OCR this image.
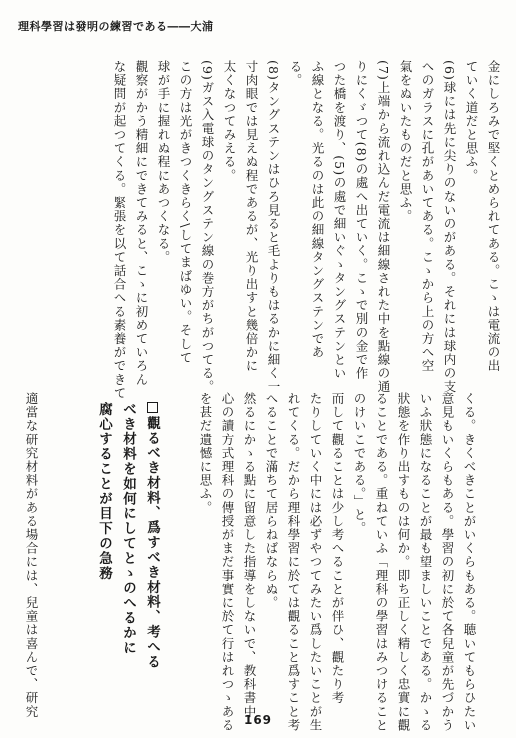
理科學習は發明の練習である――大浦
な疑問が起つてくる。緊張を以て話合へる素養ができて 觀察がかう精細にできてみると、こゝに初めていろん 球が手に握れぬ程にあつくなる。 この方は光がきつくきらく\してまばゆい。そして (9)ガス入電球のタングステン線の巻方がちがつてる。 太くなつてみえる。 寸肉眼では見えぬ程であるが、光り出すと幾倍かに (8)タングステンはひろ見ると毛よりもはるかに細く一 る。 ふ線となる。光るのは此の細線タングステンであ つた橋を渡り、(5)の處で細いぐゝタングステンとい りにくゞつて(8)の處へ出ていく。こゝで別の金で作 (7)上端から流れ込んだ電流は細線された中を點線の通 氣をぬいたものだと思ふ。 へのガラスに孔があいてある。こゝから上の方へ空 (6)球には先に尖りのないのがある。それには球内の支 ていく道だと思ふ。 金にしろみで堅くとめられてある。こゝは電流の出
適當な研究材料がある場合には、兒童は喜んで、研究	腐心することが目下の急務 べき材料を如何にしてとゝのへるかに 觀るべき材料、爲すべき材料、考へる	を甚だ遺憾に思ふ。 心の讀方式理科の傳授がまだ事實に於て行はれつゝある 然るにかゝる點に留意した指導をしないで、教科書中 へることで滿ちて居らねばならぬ。 れてくる。だから理科學習に於ては觀ること爲すこと考 たりしていく中には必ずやつてみたい爲したいことが生 而して觀ることは少し考へることが伴ひ、觀たり考 のけいこである。」と。 ることである。重ねていふ「理科の學習はみつけること 狀態を作り出すものは何か。即ち正しく精しく忠實に觀 いふ狀態になることが最も望ましいことである。かゝる 意見もいくらもある。學習の初に於て各兒童が先づかう くる。きくべきことがいくらもある。聴いてもらひたい
169
